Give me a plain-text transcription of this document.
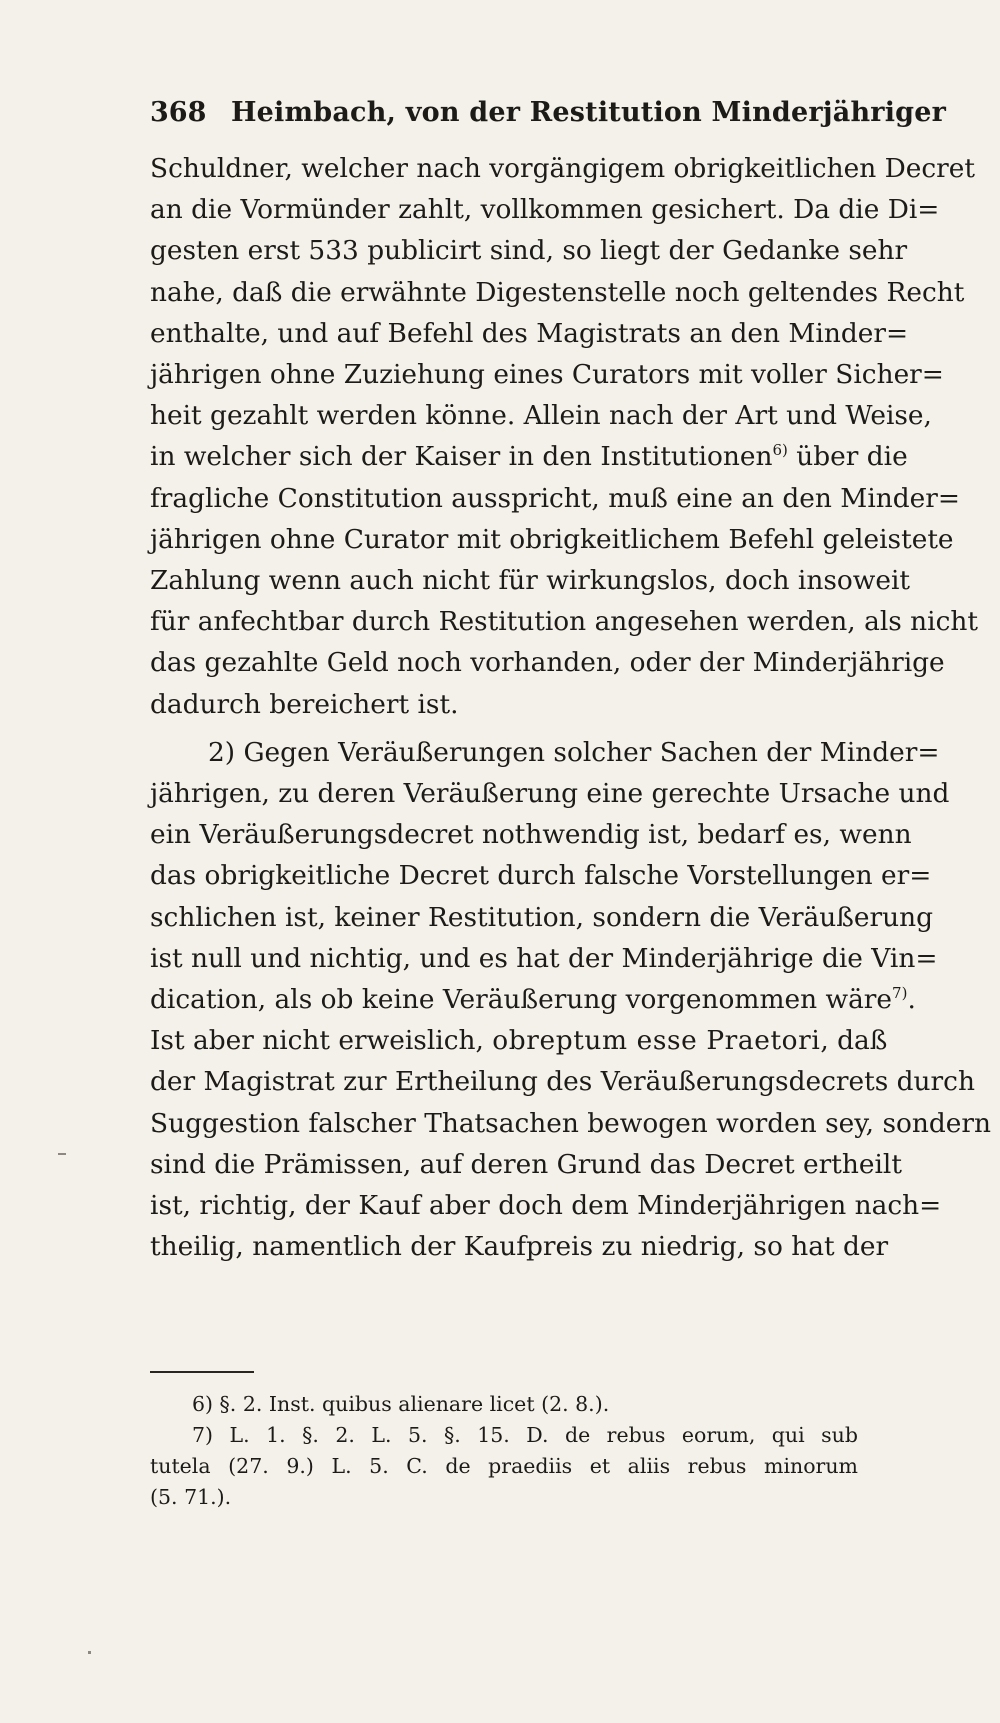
368 Heimbach, von der Restitution Minderjähriger
Schuldner, welcher nach vorgängigem obrigkeitlichen Decret
an die Vormünder zahlt, vollkommen gesichert. Da die Di=
gesten erst 533 publicirt sind, so liegt der Gedanke sehr
nahe, daß die erwähnte Digestenstelle noch geltendes Recht
enthalte, und auf Befehl des Magistrats an den Minder=
jährigen ohne Zuziehung eines Curators mit voller Sicher=
heit gezahlt werden könne. Allein nach der Art und Weise,
in welcher sich der Kaiser in den Institutionen$^{6)}$ über die
fragliche Constitution ausspricht, muß eine an den Minder=
jährigen ohne Curator mit obrigkeitlichem Befehl geleistete
Zahlung wenn auch nicht für wirkungslos, doch insoweit
für anfechtbar durch Restitution angesehen werden, als nicht
das gezahlte Geld noch vorhanden, oder der Minderjährige
dadurch bereichert ist.
2) Gegen Veräußerungen solcher Sachen der Minder=
jährigen, zu deren Veräußerung eine gerechte Ursache und
ein Veräußerungsdecret nothwendig ist, bedarf es, wenn
das obrigkeitliche Decret durch falsche Vorstellungen er=
schlichen ist, keiner Restitution, sondern die Veräußerung
ist null und nichtig, und es hat der Minderjährige die Vin=
dication, als ob keine Veräußerung vorgenommen wäre$^{7)}$.
Ist aber nicht erweislich, obreptum esse Praetori, daß
der Magistrat zur Ertheilung des Veräußerungsdecrets durch
Suggestion falscher Thatsachen bewogen worden sey, sondern
sind die Prämissen, auf deren Grund das Decret ertheilt
ist, richtig, der Kauf aber doch dem Minderjährigen nach=
theilig, namentlich der Kaufpreis zu niedrig, so hat der
6) §. 2. Inst. quibus alienare licet (2. 8.).
7) L. 1. §. 2. L. 5. §. 15. D. de rebus eorum, qui sub
tutela (27. 9.) L. 5. C. de praediis et aliis rebus minorum
(5. 71.).
